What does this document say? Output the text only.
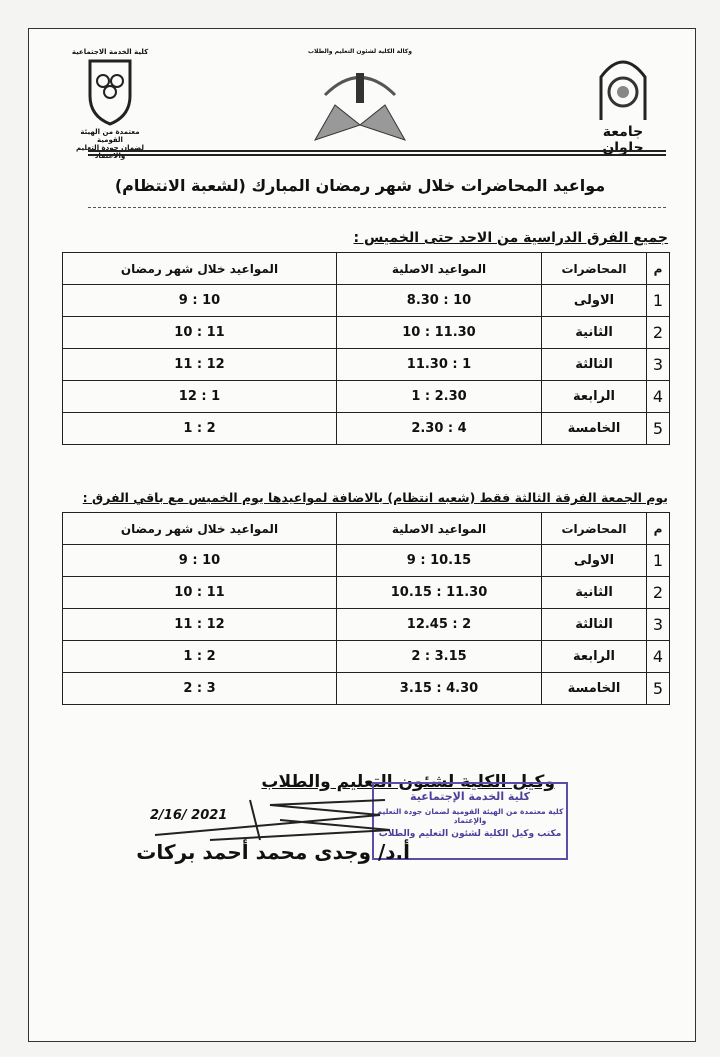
كلية الخدمة الاجتماعية
معتمدة من الهيئة القومية
لضمان جودة التعليم والاعتماد
وكالة الكلية لشئون التعليم والطلاب
جامعة حلوان
مواعيد المحاضرات خلال شهر رمضان المبارك (لشعبة الانتظام)
جميع الفرق الدراسية من الاحد حتى الخميس :
م	المحاضرات	المواعيد الاصلية	المواعيد خلال شهر رمضان
1	الاولى	8.30 : 10	9 : 10
2	الثانية	10 : 11.30	10 : 11
3	الثالثة	11.30 : 1	11 : 12
4	الرابعة	1 : 2.30	12 : 1
5	الخامسة	2.30 : 4	1 : 2
يوم الجمعة الفرقة الثالثة فقط (شعبه انتظام) بالاضافة لمواعيدها يوم الخميس مع باقي الفرق :
م	المحاضرات	المواعيد الاصلية	المواعيد خلال شهر رمضان
1	الاولى	9 : 10.15	9 : 10
2	الثانية	10.15 : 11.30	10 : 11
3	الثالثة	12.45 : 2	11 : 12
4	الرابعة	2 : 3.15	1 : 2
5	الخامسة	3.15 : 4.30	2 : 3
وكيل الكلية لشئون التعليم والطلاب
كلية الخدمة الإجتماعية
كلية معتمدة من الهيئة القومية لضمان جودة التعليم والإعتماد
مكتب وكيل الكلية لشئون التعليم والطلاب
2/16/ 2021
أ.د/ وجدى محمد أحمد بركات
